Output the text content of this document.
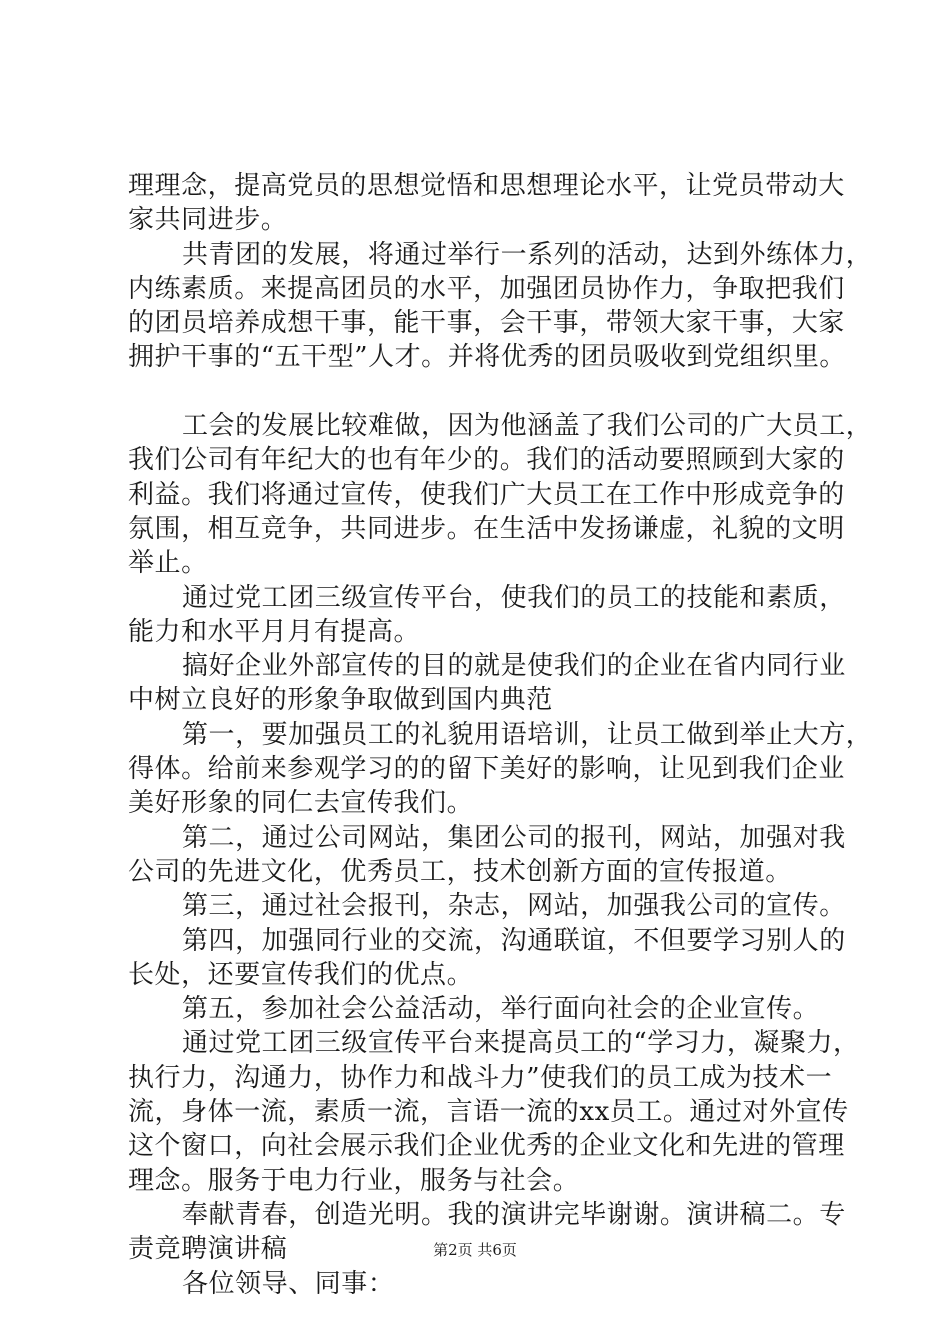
理理念，提高党员的思想觉悟和思想理论水平，让党员带动大
家共同进步。
共青团的发展，将通过举行一系列的活动，达到外练体力，
内练素质。来提高团员的水平，加强团员协作力，争取把我们
的团员培养成想干事，能干事，会干事，带领大家干事，大家
拥护干事的“五干型”人才。并将优秀的团员吸收到党组织里。
工会的发展比较难做，因为他涵盖了我们公司的广大员工，
我们公司有年纪大的也有年少的。我们的活动要照顾到大家的
利益。我们将通过宣传，使我们广大员工在工作中形成竞争的
氛围，相互竞争，共同进步。在生活中发扬谦虚，礼貌的文明
举止。
通过党工团三级宣传平台，使我们的员工的技能和素质，
能力和水平月月有提高。
搞好企业外部宣传的目的就是使我们的企业在省内同行业
中树立良好的形象争取做到国内典范
第一，要加强员工的礼貌用语培训，让员工做到举止大方，
得体。给前来参观学习的的留下美好的影响，让见到我们企业
美好形象的同仁去宣传我们。
第二，通过公司网站，集团公司的报刊，网站，加强对我
公司的先进文化，优秀员工，技术创新方面的宣传报道。
第三，通过社会报刊，杂志，网站，加强我公司的宣传。
第四，加强同行业的交流，沟通联谊，不但要学习别人的
长处，还要宣传我们的优点。
第五，参加社会公益活动，举行面向社会的企业宣传。
通过党工团三级宣传平台来提高员工的“学习力，凝聚力，
执行力，沟通力，协作力和战斗力”使我们的员工成为技术一
流，身体一流，素质一流，言语一流的xx员工。通过对外宣传
这个窗口，向社会展示我们企业优秀的企业文化和先进的管理
理念。服务于电力行业，服务与社会。
奉献青春，创造光明。我的演讲完毕谢谢。演讲稿二。专
责竞聘演讲稿
各位领导、同事：
第2页 共6页
